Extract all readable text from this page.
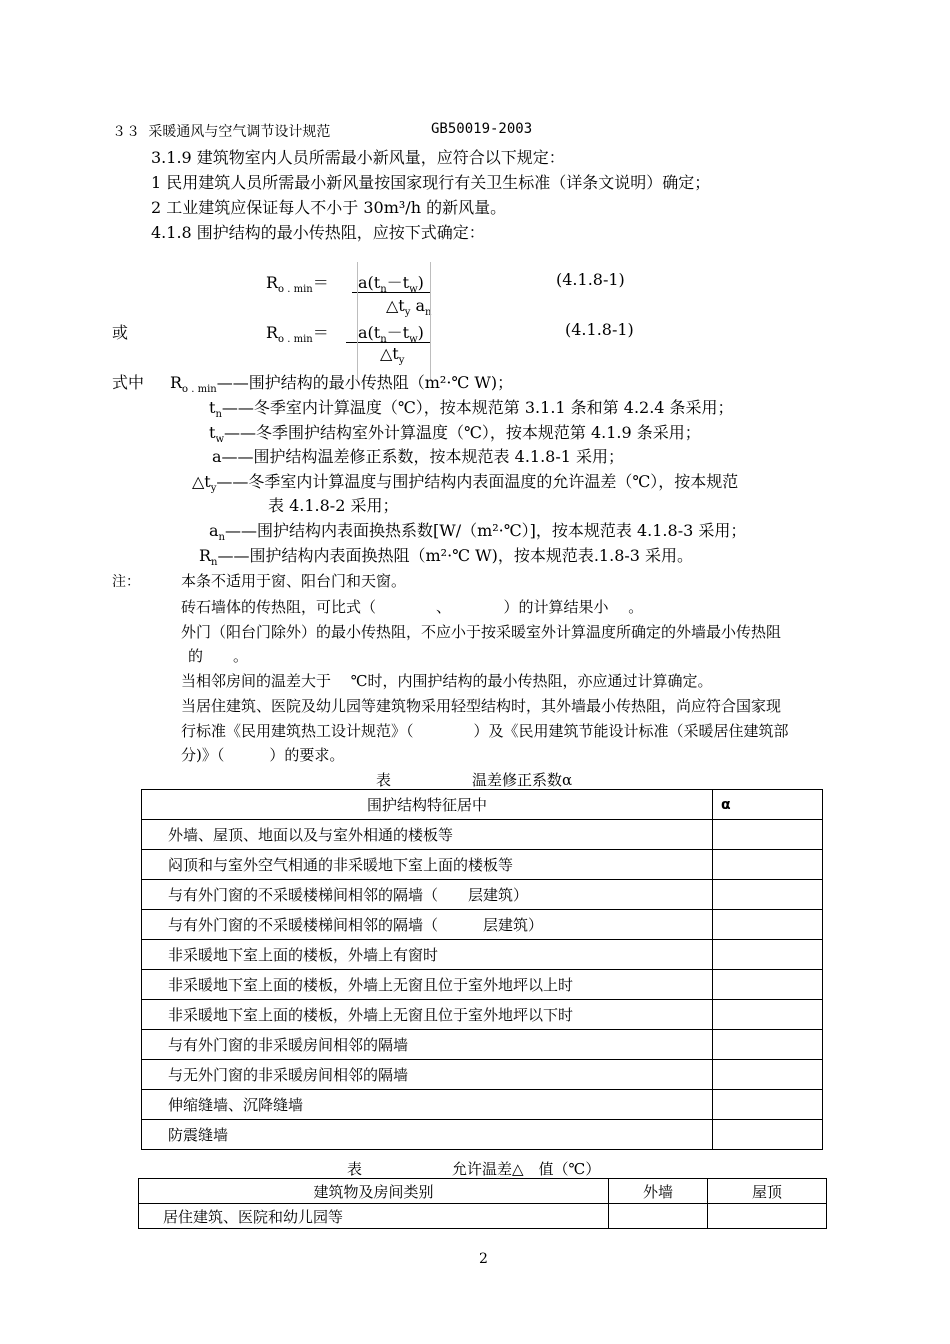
３３ 采暖通风与空气调节设计规范	GB50019-2003
3.1.9 建筑物室内人员所需最小新风量，应符合以下规定：
1 民用建筑人员所需最小新风量按国家现行有关卫生标准（详条文说明）确定；
2 工业建筑应保证每人不小于 30m³/h 的新风量。
4.1.8 围护结构的最小传热阻，应按下式确定：
$R_{o . min}= a(t_n-t_w)$
$\triangle t_y$ $a_n$
(4.1.8-1)
或	$R_{o . min}= a(t_n-t_w)$
$\triangle t_y$
(4.1.8-1)
式中 $R_{o . min}——$围护结构的最小传热阻（m²·℃ W)；
$t_n——$冬季室内计算温度（℃），按本规范第 3.1.1 条和第 4.2.4 条采用；
$t_w——$冬季围护结构室外计算温度（℃），按本规范第 4.1.9 条采用；
a——围护结构温差修正系数，按本规范表 4.1.8-1 采用；
$\triangle t_y——$冬季室内计算温度与围护结构内表面温度的允许温差（℃），按本规范
表 4.1.8-2 采用；
$a_n——$围护结构内表面换热系数[W/（m²·℃）]，按本规范表 4.1.8-3 采用；
$R_n——$围护结构内表面换热阻（m²·℃ W)，按本规范表.1.8-3 采用。
注：	本条不适用于窗、阳台门和天窗。
砖石墙体的传热阻，可比式（　　　　、　　　　）的计算结果小　 。
外门（阳台门除外）的最小传热阻，不应小于按采暖室外计算温度所确定的外墙最小传热阻
的　　。
当相邻房间的温差大于　 ℃时，内围护结构的最小传热阻，亦应通过计算确定。
当居住建筑、医院及幼儿园等建筑物采用轻型结构时，其外墙最小传热阻，尚应符合国家现
行标准《民用建筑热工设计规范》（　　　　）及《民用建筑节能设计标准（采暖居住建筑部
分)》（　　　）的要求。
表	温差修正系数α
围护结构特征居中	α
外墙、屋顶、地面以及与室外相通的楼板等	
闷顶和与室外空气相通的非采暖地下室上面的楼板等	
与有外门窗的不采暖楼梯间相邻的隔墙（　　层建筑）	
与有外门窗的不采暖楼梯间相邻的隔墙（　　　层建筑）	
非采暖地下室上面的楼板，外墙上有窗时	
非采暖地下室上面的楼板，外墙上无窗且位于室外地坪以上时	
非采暖地下室上面的楼板，外墙上无窗且位于室外地坪以下时	
与有外门窗的非采暖房间相邻的隔墙	
与无外门窗的非采暖房间相邻的隔墙	
伸缩缝墙、沉降缝墙	
防震缝墙	
表	允许温差△　值（℃）
建筑物及房间类别	外墙	屋顶
居住建筑、医院和幼儿园等		
2
